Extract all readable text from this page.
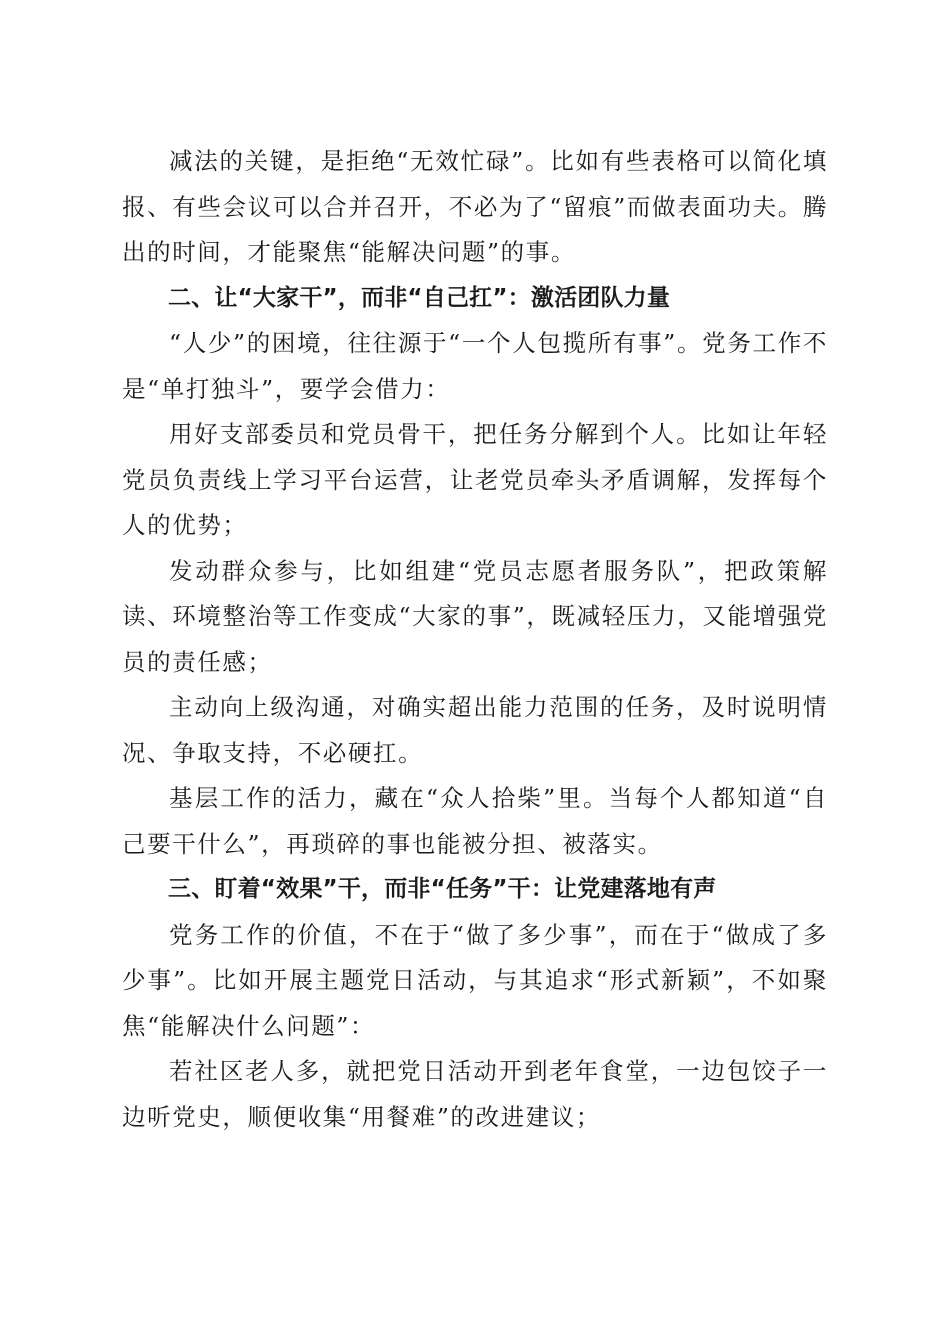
减法的关键，是拒绝“无效忙碌”。比如有些表格可以简化填报、有些会议可以合并召开，不必为了“留痕”而做表面功夫。腾出的时间，才能聚焦“能解决问题”的事。

二、让“大家干”，而非“自己扛”：激活团队力量

“人少”的困境，往往源于“一个人包揽所有事”。党务工作不是“单打独斗”，要学会借力：

用好支部委员和党员骨干，把任务分解到个人。比如让年轻党员负责线上学习平台运营，让老党员牵头矛盾调解，发挥每个人的优势；

发动群众参与，比如组建“党员志愿者服务队”，把政策解读、环境整治等工作变成“大家的事”，既减轻压力，又能增强党员的责任感；

主动向上级沟通，对确实超出能力范围的任务，及时说明情况、争取支持，不必硬扛。

基层工作的活力，藏在“众人拾柴”里。当每个人都知道“自己要干什么”，再琐碎的事也能被分担、被落实。

三、盯着“效果”干，而非“任务”干：让党建落地有声

党务工作的价值，不在于“做了多少事”，而在于“做成了多少事”。比如开展主题党日活动，与其追求“形式新颖”，不如聚焦“能解决什么问题”：

若社区老人多，就把党日活动开到老年食堂，一边包饺子一边听党史，顺便收集“用餐难”的改进建议；
